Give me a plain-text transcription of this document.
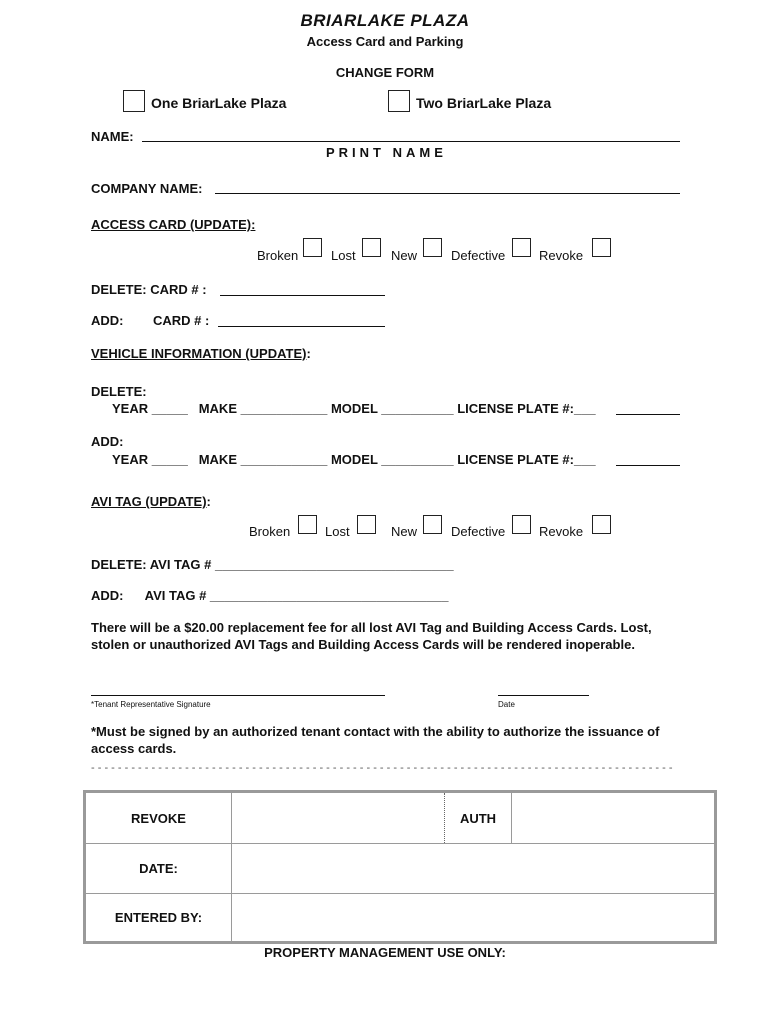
BRIARLAKE PLAZA
Access Card and Parking
CHANGE FORM
One BriarLake Plaza	Two BriarLake Plaza
NAME:
PRINT NAME
COMPANY NAME:
ACCESS CARD (UPDATE):
Broken	Lost	New	Defective	Revoke
DELETE: CARD # :
ADD: CARD # :
VEHICLE INFORMATION (UPDATE):
DELETE:
YEAR _____   MAKE ____________ MODEL __________ LICENSE PLATE #:___
ADD:
YEAR _____   MAKE ____________ MODEL __________ LICENSE PLATE #:___
AVI TAG (UPDATE):
Broken	Lost	New	Defective	Revoke
DELETE: AVI TAG # _________________________________
ADD:      AVI TAG # _________________________________
There will be a $20.00 replacement fee for all lost AVI Tag and Building Access Cards. Lost, stolen or unauthorized AVI Tags and Building Access Cards will be rendered inoperable.
*Tenant Representative Signature	Date
*Must be signed by an authorized tenant contact with the ability to authorize the issuance of access cards.
- - - - - - - - - - - - - - - - - - - - - - - - - - - - - - - - - - - - - - - - - - - - - - - - - - - - - - - - - - - - - - - - - - - - - - - - - - - - - - - - - - - - - - -
REVOKE		AUTH	
DATE:			
ENTERED BY:			
PROPERTY MANAGEMENT USE ONLY:
